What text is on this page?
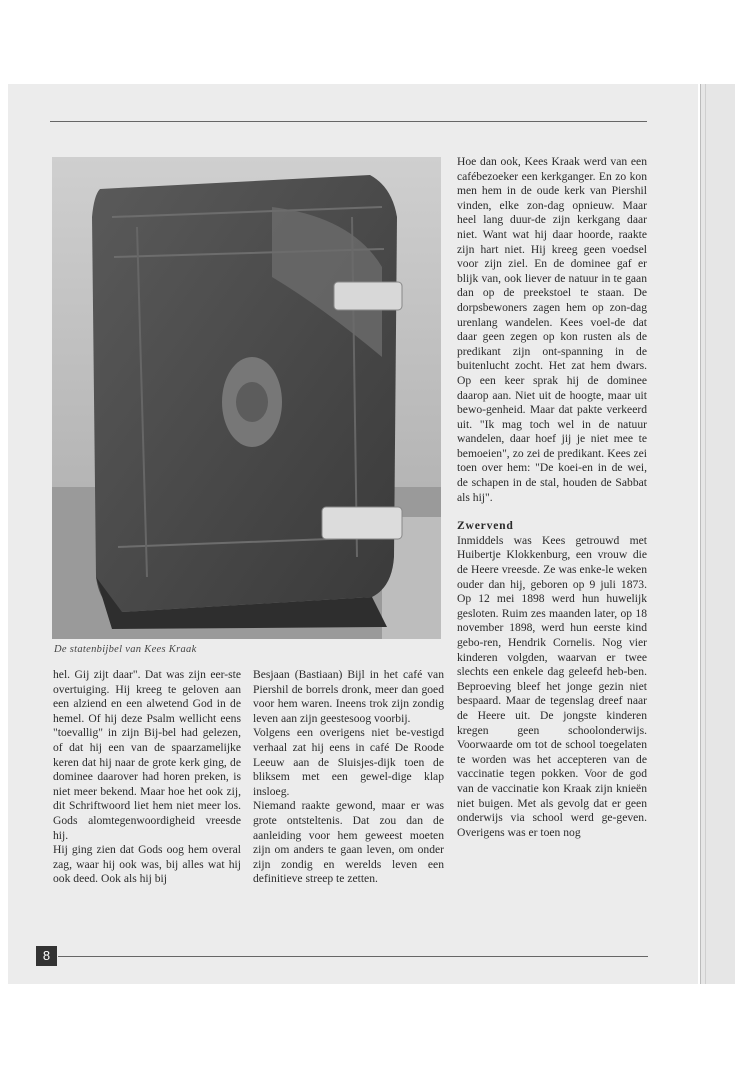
De statenbijbel van Kees Kraak

hel. Gij zijt daar". Dat was zijn eer-ste overtuiging. Hij kreeg te geloven aan een alziend en een alwetend God in de hemel. Of hij deze Psalm wellicht eens "toevallig" in zijn Bij-bel had gelezen, of dat hij een van de spaarzamelijke keren dat hij naar de grote kerk ging, de dominee daarover had horen preken, is niet meer bekend. Maar hoe het ook zij, dit Schriftwoord liet hem niet meer los. Gods alomtegenwoordigheid vreesde hij.

Hij ging zien dat Gods oog hem overal zag, waar hij ook was, bij alles wat hij ook deed. Ook als hij bij

Besjaan (Bastiaan) Bijl in het café van Piershil de borrels dronk, meer dan goed voor hem waren. Ineens trok zijn zondig leven aan zijn geestesoog voorbij.

Volgens een overigens niet be-vestigd verhaal zat hij eens in café De Roode Leeuw aan de Sluisjes-dijk toen de bliksem met een gewel-dige klap insloeg.

Niemand raakte gewond, maar er was grote ontsteltenis. Dat zou dan de aanleiding voor hem geweest moeten zijn om anders te gaan leven, om onder zijn zondig en werelds leven een definitieve streep te zetten.

Hoe dan ook, Kees Kraak werd van een cafébezoeker een kerkganger. En zo kon men hem in de oude kerk van Piershil vinden, elke zon-dag opnieuw. Maar heel lang duur-de zijn kerkgang daar niet. Want wat hij daar hoorde, raakte zijn hart niet. Hij kreeg geen voedsel voor zijn ziel. En de dominee gaf er blijk van, ook liever de natuur in te gaan dan op de preekstoel te staan. De dorpsbewoners zagen hem op zon-dag urenlang wandelen. Kees voel-de dat daar geen zegen op kon rusten als de predikant zijn ont-spanning in de buitenlucht zocht. Het zat hem dwars. Op een keer sprak hij de dominee daarop aan. Niet uit de hoogte, maar uit bewo-genheid. Maar dat pakte verkeerd uit. "Ik mag toch wel in de natuur wandelen, daar hoef jij je niet mee te bemoeien", zo zei de predikant. Kees zei toen over hem: "De koei-en in de wei, de schapen in de stal, houden de Sabbat als hij".

Zwervend

Inmiddels was Kees getrouwd met Huibertje Klokkenburg, een vrouw die de Heere vreesde. Ze was enke-le weken ouder dan hij, geboren op 9 juli 1873. Op 12 mei 1898 werd hun huwelijk gesloten. Ruim zes maanden later, op 18 november 1898, werd hun eerste kind gebo-ren, Hendrik Cornelis. Nog vier kinderen volgden, waarvan er twee slechts een enkele dag geleefd heb-ben. Beproeving bleef het jonge gezin niet bespaard. Maar de tegenslag dreef naar de Heere uit. De jongste kinderen kregen geen schoolonderwijs. Voorwaarde om tot de school toegelaten te worden was het accepteren van de vaccinatie tegen pokken. Voor de god van de vaccinatie kon Kraak zijn knieën niet buigen. Met als gevolg dat er geen onderwijs via school werd ge-geven. Overigens was er toen nog

8
